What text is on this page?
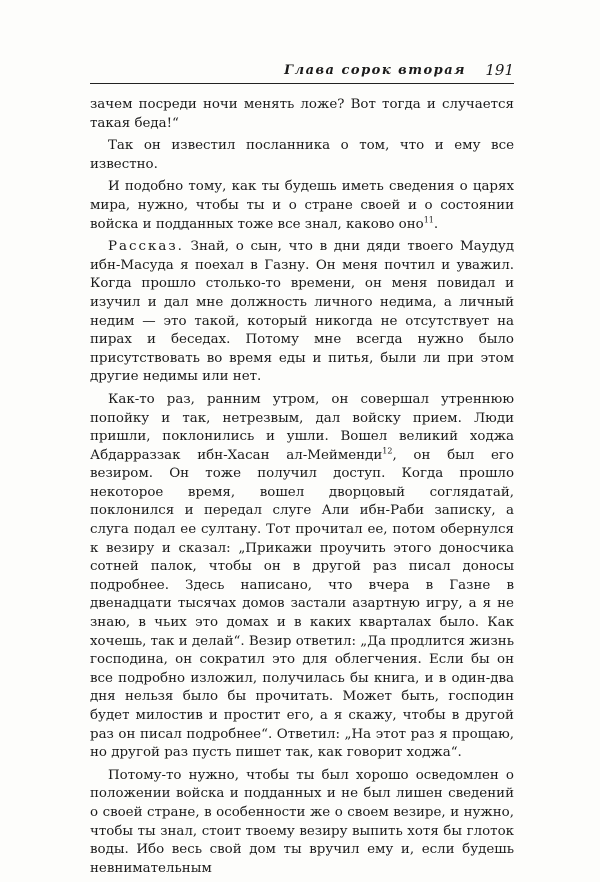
Глава сорок вторая 191

зачем посреди ночи менять ложе? Вот тогда и случается такая беда!“

Так он известил посланника о том, что и ему все известно.

И подобно тому, как ты будешь иметь сведения о царях мира, нужно, чтобы ты и о стране своей и о состоянии войска и подданных тоже все знал, каково оно$^{11}$.

Рассказ. Знай, о сын, что в дни дяди твоего Маудуд ибн-Масуда я поехал в Газну. Он меня почтил и уважил. Когда прошло столько-то времени, он меня повидал и изучил и дал мне должность личного недима, а личный недим — это такой, который никогда не отсутствует на пирах и беседах. Потому мне всегда нужно было присутствовать во время еды и питья, были ли при этом другие недимы или нет.

Как-то раз, ранним утром, он совершал утреннюю попойку и так, нетрезвым, дал войску прием. Люди пришли, поклонились и ушли. Вошел великий ходжа Абдарраззак ибн-Хасан ал-Мейменди$^{12}$, он был его везиром. Он тоже получил доступ. Когда прошло некоторое время, вошел дворцовый соглядатай, поклонился и передал слуге Али ибн-Раби записку, а слуга подал ее султану. Тот прочитал ее, потом обернулся к везиру и сказал: „Прикажи проучить этого доносчика сотней палок, чтобы он в другой раз писал доносы подробнее. Здесь написано, что вчера в Газне в двенадцати тысячах домов застали азартную игру, а я не знаю, в чьих это домах и в каких кварталах было. Как хочешь, так и делай“. Везир ответил: „Да продлится жизнь господина, он сократил это для облегчения. Если бы он все подробно изложил, получилась бы книга, и в один-два дня нельзя было бы прочитать. Может быть, господин будет милостив и простит его, а я скажу, чтобы в другой раз он писал подробнее“. Ответил: „На этот раз я прощаю, но другой раз пусть пишет так, как говорит ходжа“.

Потому-то нужно, чтобы ты был хорошо осведомлен о положении войска и подданных и не был лишен сведений о своей стране, в особенности же о своем везире, и нужно, чтобы ты знал, стоит твоему везиру выпить хотя бы глоток воды. Ибо весь свой дом ты вручил ему и, если будешь невнимательным
